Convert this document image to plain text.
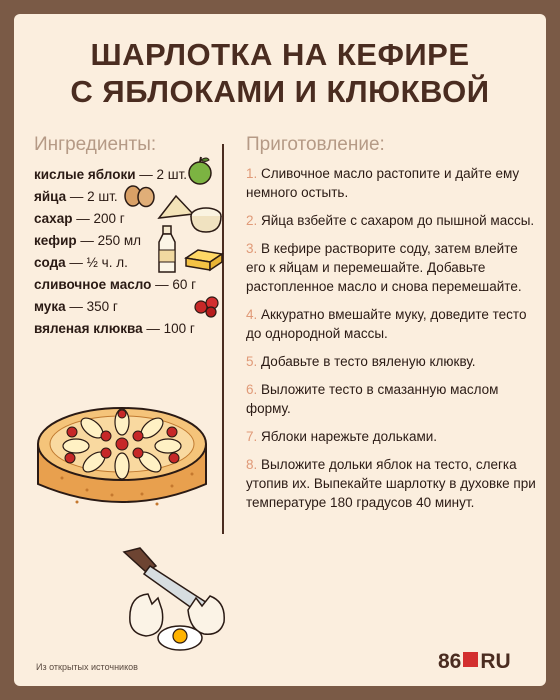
ШАРЛОТКА НА КЕФИРЕ
С ЯБЛОКАМИ И КЛЮКВОЙ
Ингредиенты:	Приготовление:
кислые яблоки — 2 шт.
яйца — 2 шт.
сахар — 200 г
кефир — 250 мл
сода — ½ ч. л.
сливочное масло — 60 г
мука — 350 г
вяленая клюква — 100 г
1. Сливочное масло растопите и дайте ему немного остыть.
2. Яйца взбейте с сахаром до пышной массы.
3. В кефире растворите соду, затем влейте его к яйцам и перемешайте. Добавьте растопленное масло и снова перемешайте.
4. Аккуратно вмешайте муку, доведите тесто до однородной массы.
5. Добавьте в тесто вяленую клюкву.
6. Выложите тесто в смазанную маслом форму.
7. Яблоки нарежьте дольками.
8. Выложите дольки яблок на тесто, слегка утопив их. Выпекайте шарлотку в духовке при температуре 180 градусов 40 минут.
Из открытых источников	86 RU
